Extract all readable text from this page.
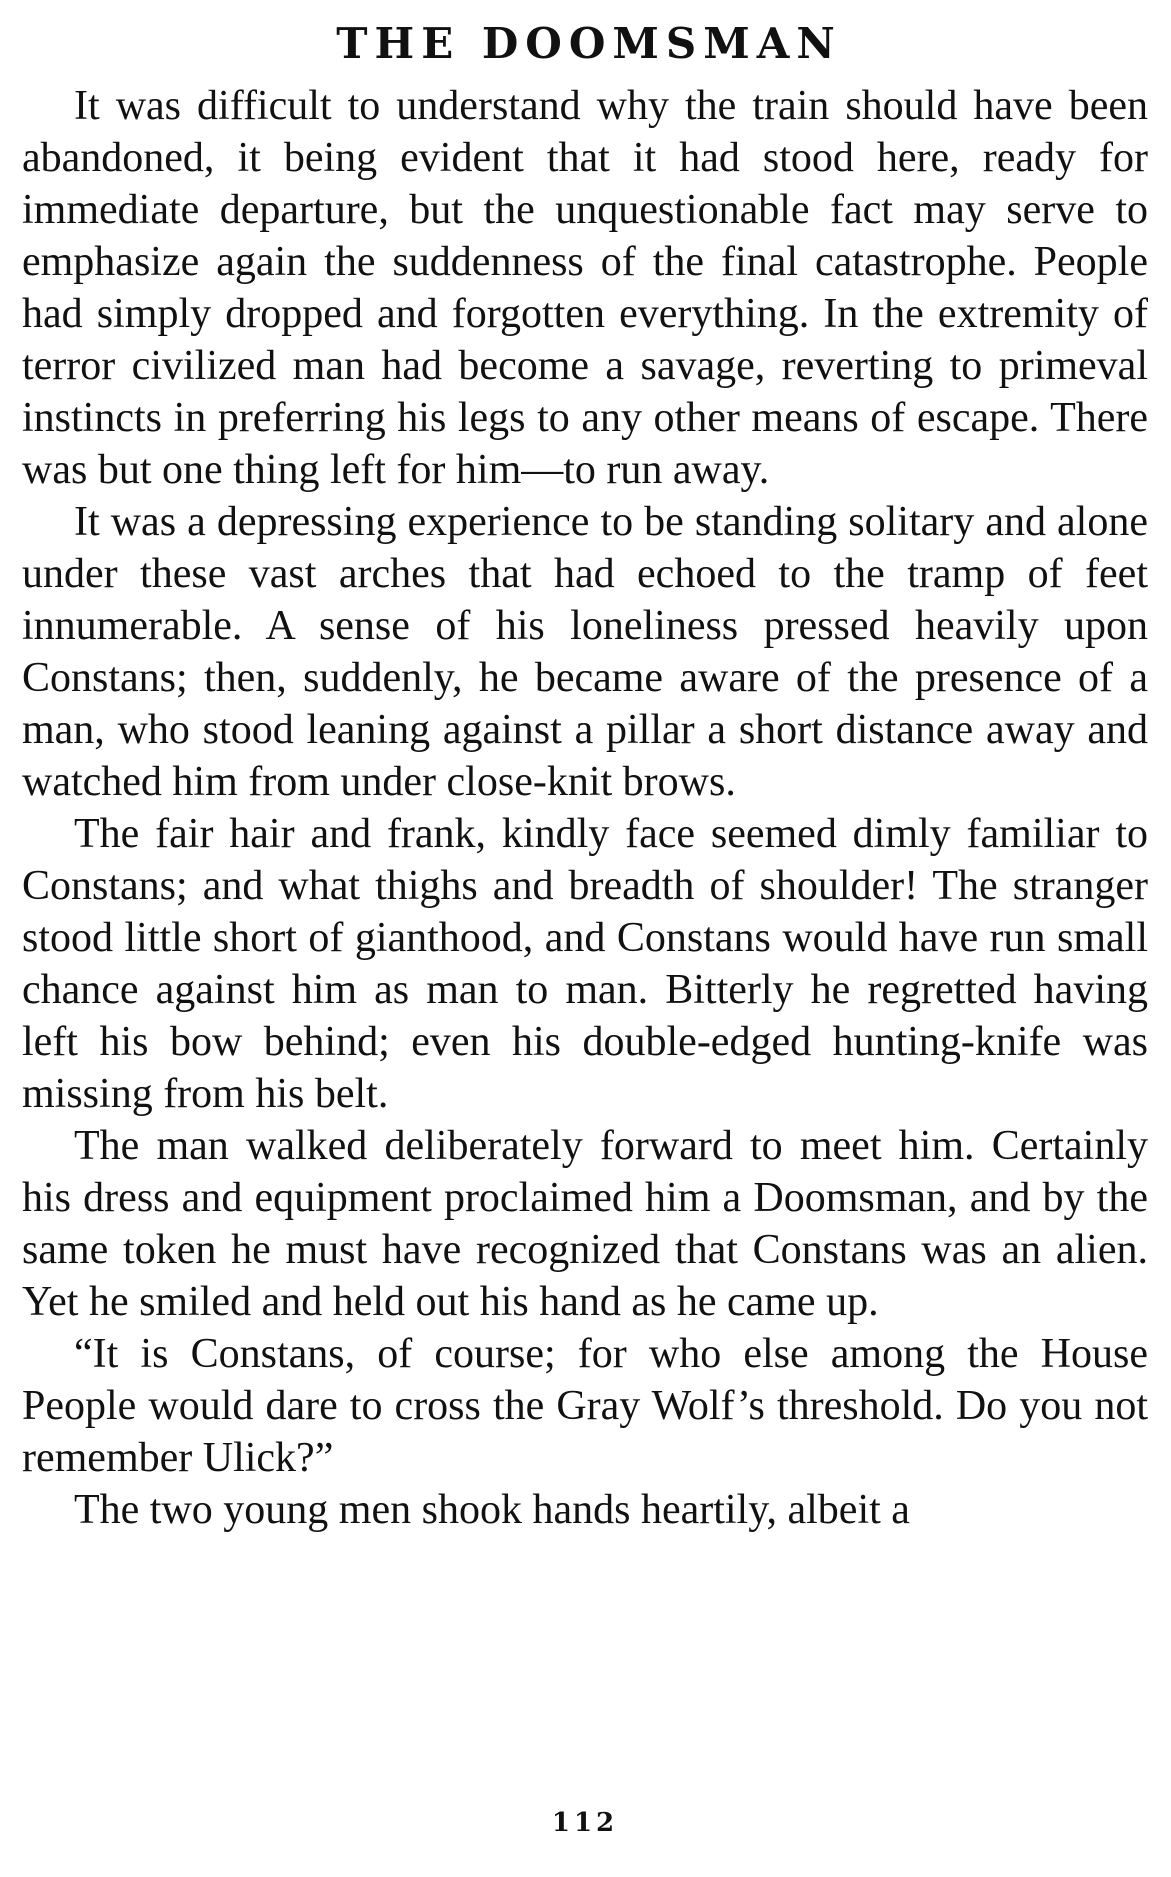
THE DOOMSMAN

It was difficult to understand why the train should have been abandoned, it being evident that it had stood here, ready for immediate departure, but the unquestionable fact may serve to emphasize again the suddenness of the final catastrophe. People had simply dropped and forgotten everything. In the extremity of terror civilized man had become a savage, reverting to primeval instincts in preferring his legs to any other means of escape. There was but one thing left for him—to run away.

It was a depressing experience to be standing solitary and alone under these vast arches that had echoed to the tramp of feet innumerable. A sense of his loneliness pressed heavily upon Constans; then, suddenly, he became aware of the presence of a man, who stood leaning against a pillar a short distance away and watched him from under close-knit brows.

The fair hair and frank, kindly face seemed dimly familiar to Constans; and what thighs and breadth of shoulder! The stranger stood little short of gianthood, and Constans would have run small chance against him as man to man. Bitterly he regretted having left his bow behind; even his double-edged hunting-knife was missing from his belt.

The man walked deliberately forward to meet him. Certainly his dress and equipment proclaimed him a Doomsman, and by the same token he must have recognized that Constans was an alien. Yet he smiled and held out his hand as he came up.

“It is Constans, of course; for who else among the House People would dare to cross the Gray Wolf’s threshold. Do you not remember Ulick?”

The two young men shook hands heartily, albeit a

112
